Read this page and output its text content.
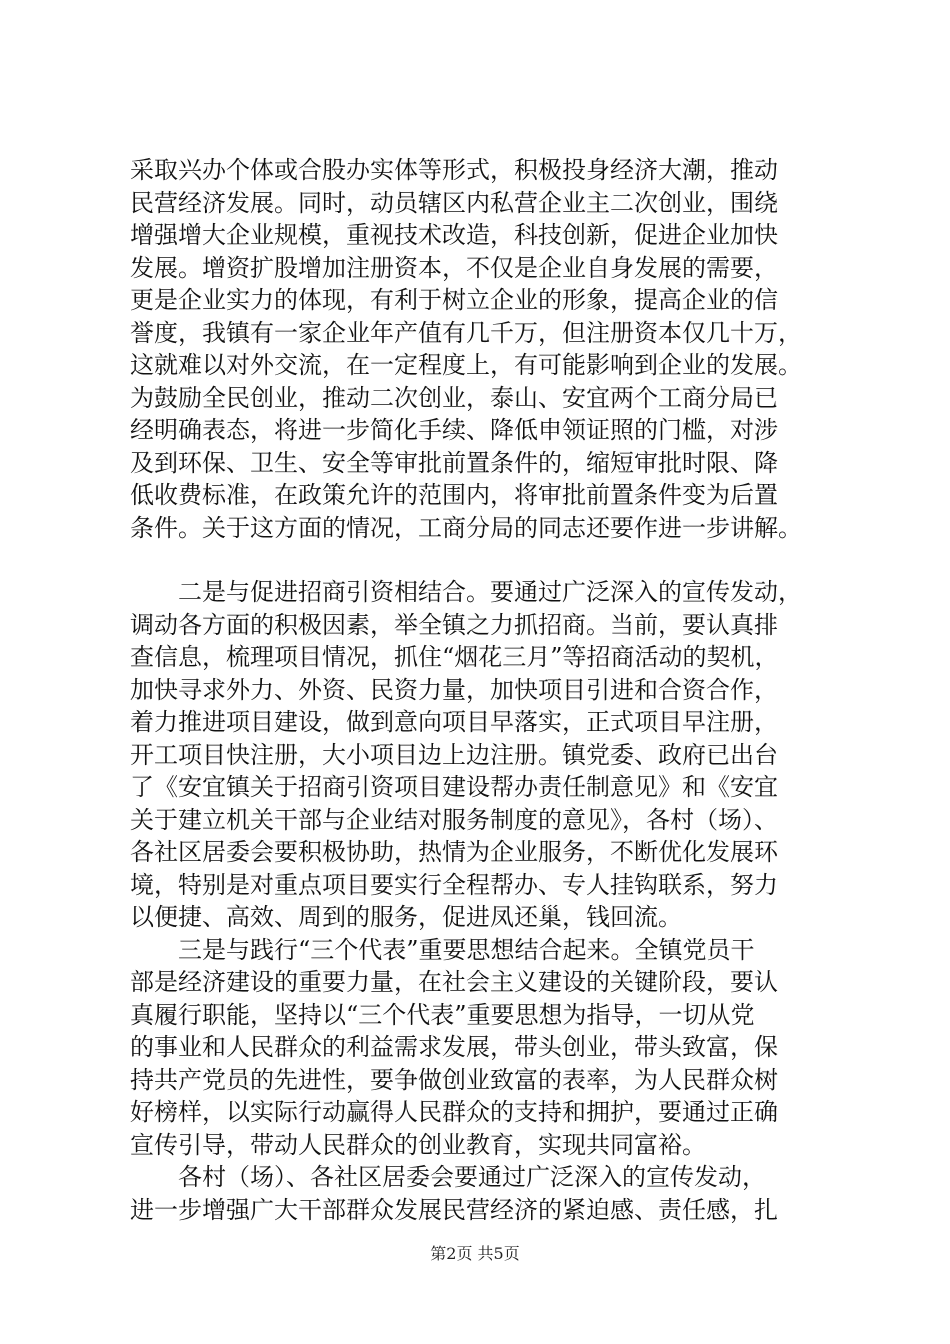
采取兴办个体或合股办实体等形式，积极投身经济大潮，推动
民营经济发展。同时，动员辖区内私营企业主二次创业，围绕
增强增大企业规模，重视技术改造，科技创新，促进企业加快
发展。增资扩股增加注册资本，不仅是企业自身发展的需要，
更是企业实力的体现，有利于树立企业的形象，提高企业的信
誉度，我镇有一家企业年产值有几千万，但注册资本仅几十万，
这就难以对外交流，在一定程度上，有可能影响到企业的发展。
为鼓励全民创业，推动二次创业，泰山、安宜两个工商分局已
经明确表态，将进一步简化手续、降低申领证照的门槛，对涉
及到环保、卫生、安全等审批前置条件的，缩短审批时限、降
低收费标准，在政策允许的范围内，将审批前置条件变为后置
条件。关于这方面的情况，工商分局的同志还要作进一步讲解。
二是与促进招商引资相结合。要通过广泛深入的宣传发动，
调动各方面的积极因素，举全镇之力抓招商。当前，要认真排
查信息，梳理项目情况，抓住“烟花三月”等招商活动的契机，
加快寻求外力、外资、民资力量，加快项目引进和合资合作，
着力推进项目建设，做到意向项目早落实，正式项目早注册，
开工项目快注册，大小项目边上边注册。镇党委、政府已出台
了《安宜镇关于招商引资项目建设帮办责任制意见》和《安宜
关于建立机关干部与企业结对服务制度的意见》，各村（场）、
各社区居委会要积极协助，热情为企业服务，不断优化发展环
境，特别是对重点项目要实行全程帮办、专人挂钩联系，努力
以便捷、高效、周到的服务，促进凤还巢，钱回流。
三是与践行“三个代表”重要思想结合起来。全镇党员干
部是经济建设的重要力量，在社会主义建设的关键阶段，要认
真履行职能，坚持以“三个代表”重要思想为指导，一切从党
的事业和人民群众的利益需求发展，带头创业，带头致富，保
持共产党员的先进性，要争做创业致富的表率，为人民群众树
好榜样，以实际行动赢得人民群众的支持和拥护，要通过正确
宣传引导，带动人民群众的创业教育，实现共同富裕。
各村（场）、各社区居委会要通过广泛深入的宣传发动，
进一步增强广大干部群众发展民营经济的紧迫感、责任感，扎
第2页 共5页
